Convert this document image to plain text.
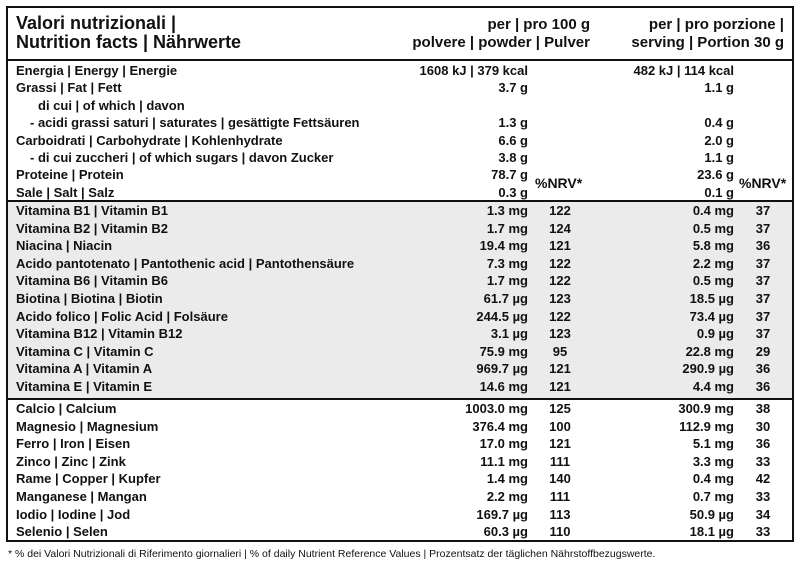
Valori nutrizionali |
Nutrition facts | Nährwerte
per | pro 100 g
polvere | powder | Pulver
per | pro porzione |
serving | Portion 30 g
Energia | Energy | Energie	1608 kJ | 379 kcal	482 kJ | 114 kcal
Grassi | Fat | Fett	3.7 g	1.1 g
di cui | of which | davon
- acidi grassi saturi | saturates | gesättigte Fettsäuren	1.3 g	0.4 g
Carboidrati | Carbohydrate | Kohlenhydrate	6.6 g	2.0 g
- di cui zuccheri | of which sugars | davon Zucker	3.8 g	1.1 g
Proteine | Protein	78.7 g	23.6 g
Sale | Salt | Salz	0.3 g	0.1 g
Vitamina B1 | Vitamin B1	1.3 mg	122	0.4 mg	37
Vitamina B2 | Vitamin B2	1.7 mg	124	0.5 mg	37
Niacina | Niacin	19.4 mg	121	5.8 mg	36
Acido pantotenato | Pantothenic acid | Pantothensäure	7.3 mg	122	2.2 mg	37
Vitamina B6 | Vitamin B6	1.7 mg	122	0.5 mg	37
Biotina | Biotina | Biotin	61.7 µg	123	18.5 µg	37
Acido folico | Folic Acid | Folsäure	244.5 µg	122	73.4 µg	37
Vitamina B12 | Vitamin B12	3.1 µg	123	0.9 µg	37
Vitamina C | Vitamin C	75.9 mg	95	22.8 mg	29
Vitamina A | Vitamin A	969.7 µg	121	290.9 µg	36
Vitamina E | Vitamin E	14.6 mg	121	4.4 mg	36
Calcio | Calcium	1003.0 mg	125	300.9 mg	38
Magnesio | Magnesium	376.4 mg	100	112.9 mg	30
Ferro | Iron | Eisen	17.0 mg	121	5.1 mg	36
Zinco | Zinc | Zink	11.1 mg	111	3.3 mg	33
Rame | Copper | Kupfer	1.4 mg	140	0.4 mg	42
Manganese | Mangan	2.2 mg	111	0.7 mg	33
Iodio | Iodine | Jod	169.7 µg	113	50.9 µg	34
Selenio | Selen	60.3 µg	110	18.1 µg	33
%NRV*	%NRV*
* % dei Valori Nutrizionali di Riferimento giornalieri | % of daily Nutrient Reference Values | Prozentsatz der täglichen Nährstoffbezugswerte.
